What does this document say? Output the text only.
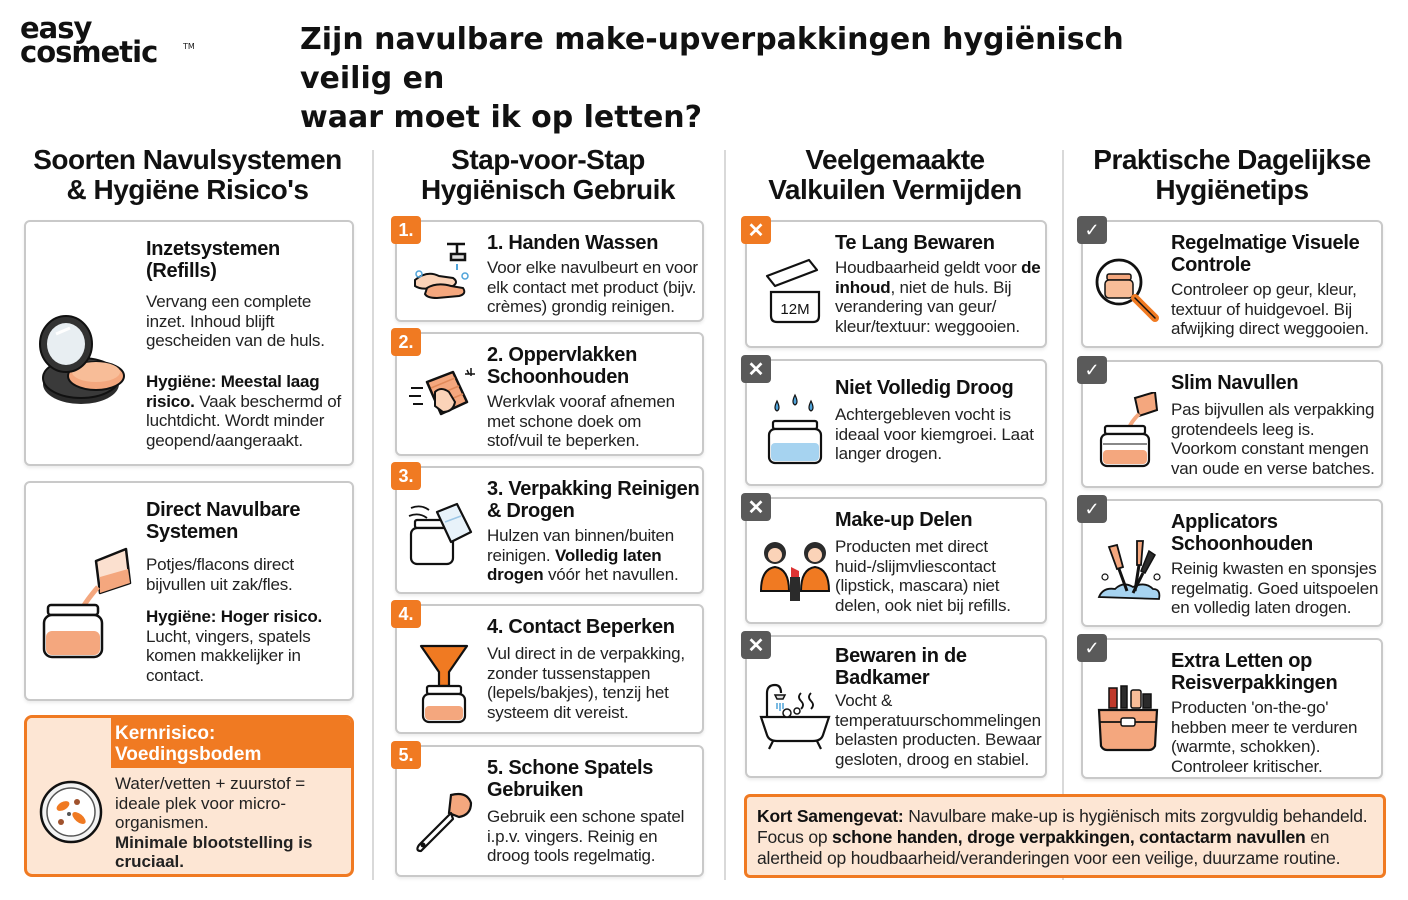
easy
cosmetic	TM	Zijn navulbare make-upverpakkingen hygiënisch veilig en
waar moet ik op letten?
Soorten Navulsystemen
& Hygiëne Risico's
Stap-voor-Stap
Hygiënisch Gebruik
Veelgemaakte
Valkuilen Vermijden
Praktische Dagelijkse
Hygiënetips
Inzetsystemen
(Refills)
Vervang een complete inzet. Inhoud blijft gescheiden van de huls.
Hygiëne: Meestal laag risico. Vaak beschermd of luchtdicht. Wordt minder geopend/aangeraakt.
Direct Navulbare
Systemen
Potjes/flacons direct bijvullen uit zak/fles.
Hygiëne: Hoger risico. Lucht, vingers, spatels komen makkelijker in contact.
Kernrisico:
Voedingsbodem
Water/vetten + zuurstof = ideale plek voor micro-organismen.
Minimale blootstelling is cruciaal.
1.
1. Handen Wassen
Voor elke navulbeurt en voor elk contact met product (bijv. crèmes) grondig reinigen.
2.
2. Oppervlakken
Schoonhouden
Werkvlak vooraf afnemen met schone doek om stof/vuil te beperken.
3.
3. Verpakking Reinigen
& Drogen
Hulzen van binnen/buiten reinigen. Volledig laten drogen vóór het navullen.
4.
4. Contact Beperken
Vul direct in de verpakking, zonder tussenstappen (lepels/bakjes), tenzij het systeem dit vereist.
5.
5. Schone Spatels
Gebruiken
Gebruik een schone spatel i.p.v. vingers. Reinig en droog tools regelmatig.
✕
12M
Te Lang Bewaren
Houdbaarheid geldt voor de inhoud, niet de huls. Bij verandering van geur/ kleur/textuur: weggooien.
✕
Niet Volledig Droog
Achtergebleven vocht is ideaal voor kiemgroei. Laat langer drogen.
✕
Make-up Delen
Producten met direct huid-/slijmvliescontact (lipstick, mascara) niet delen, ook niet bij refills.
✕	Bewaren in de
Badkamer
Vocht & temperatuurschommelingen belasten producten. Bewaar gesloten, droog en stabiel.
✓
Regelmatige Visuele
Controle
Controleer op geur, kleur, textuur of huidgevoel. Bij afwijking direct weggooien.
✓
Slim Navullen
Pas bijvullen als verpakking grotendeels leeg is. Voorkom constant mengen van oude en verse batches.
✓
Applicators
Schoonhouden
Reinig kwasten en sponsjes regelmatig. Goed uitspoelen en volledig laten drogen.
✓
Extra Letten op
Reisverpakkingen
Producten 'on-the-go' hebben meer te verduren (warmte, schokken). Controleer kritischer.
Kort Samengevat: Navulbare make-up is hygiënisch mits zorgvuldig behandeld. Focus op schone handen, droge verpakkingen, contactarm navullen en alertheid op houdbaarheid/veranderingen voor een veilige, duurzame routine.
